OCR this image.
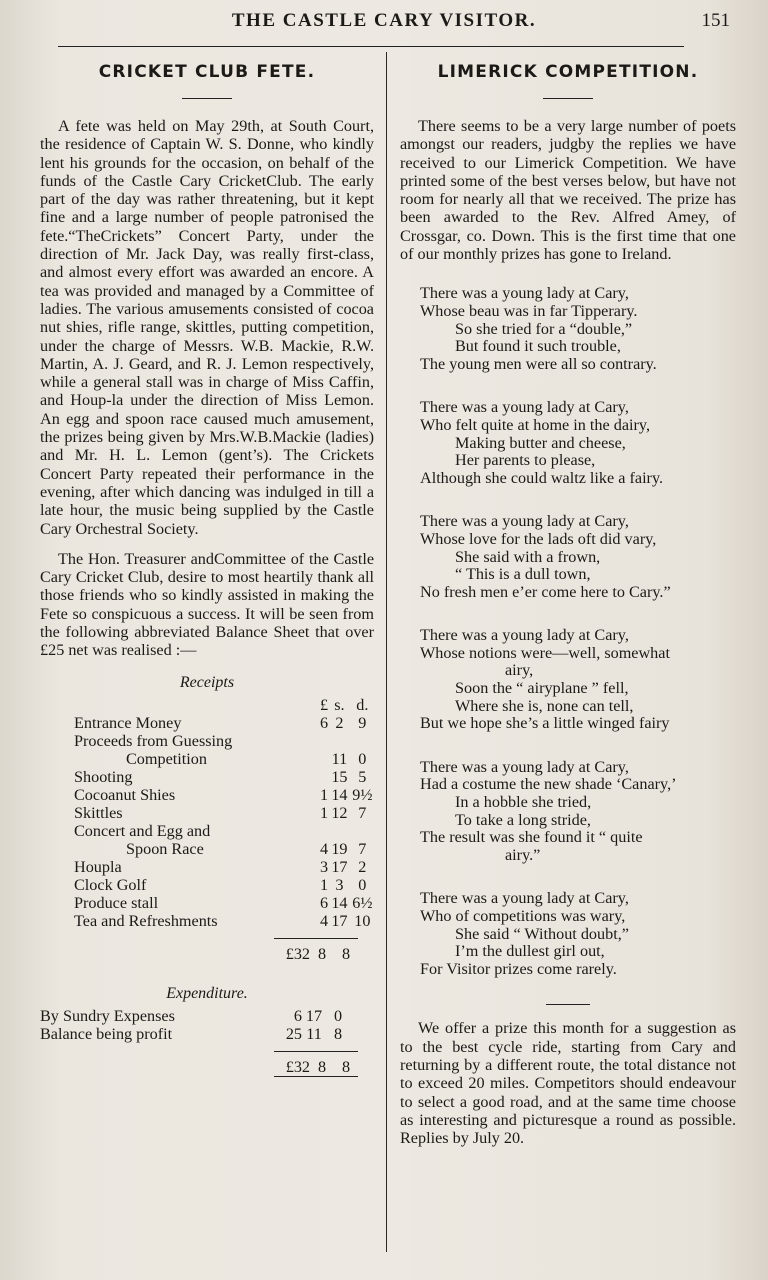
THE CASTLE CARY VISITOR.	151
CRICKET CLUB FETE.

A fete was held on May 29th, at South Court, the residence of Captain W. S. Donne, who kindly lent his grounds for the occasion, on behalf of the funds of the Castle Cary CricketClub. The early part of the day was rather threatening, but it kept fine and a large number of people patronised the fete.“TheCrickets” Concert Party, under the direction of Mr. Jack Day, was really first-class, and almost every effort was awarded an encore. A tea was provided and managed by a Committee of ladies. The various amusements consisted of cocoa nut shies, rifle range, skittles, putting competition, under the charge of Messrs. W.B. Mackie, R.W. Martin, A. J. Geard, and R. J. Lemon respectively, while a general stall was in charge of Miss Caffin, and Houp-la under the direction of Miss Lemon. An egg and spoon race caused much amusement, the prizes being given by Mrs.W.B.Mackie (ladies) and Mr. H. L. Lemon (gent’s). The Crickets Concert Party repeated their performance in the evening, after which dancing was indulged in till a late hour, the music being supplied by the Castle Cary Orchestral Society.

The Hon. Treasurer andCommittee of the Castle Cary Cricket Club, desire to most heartily thank all those friends who so kindly assisted in making the Fete so conspicuous a success. It will be seen from the following abbreviated Balance Sheet that over £25 net was realised :—

Receipts
	£	s.	d.
Entrance Money	6	2	9
Proceeds from Guessing			
Competition		11	0
Shooting		15	5
Cocoanut Shies	1	14	9½
Skittles	1	12	7
Concert and Egg and			
Spoon Race	4	19	7
Houpla	3	17	2
Clock Golf	1	3	0
Produce stall	6	14	6½
Tea and Refreshments	4	17	10
£32	8	8
Expenditure.
By Sundry Expenses	6	17	0
Balance being profit	25	11	8
£32	8	8
LIMERICK COMPETITION.

There seems to be a very large number of poets amongst our readers, judgby the replies we have received to our Limerick Competition. We have printed some of the best verses below, but have not room for nearly all that we received. The prize has been awarded to the Rev. Alfred Amey, of Crossgar, co. Down. This is the first time that one of our monthly prizes has gone to Ireland.

There was a young lady at Cary,
Whose beau was in far Tipperary.
So she tried for a “double,”
But found it such trouble,
The young men were all so contrary.
There was a young lady at Cary,
Who felt quite at home in the dairy,
Making butter and cheese,
Her parents to please,
Although she could waltz like a fairy.
There was a young lady at Cary,
Whose love for the lads oft did vary,
She said with a frown,
“ This is a dull town,
No fresh men e’er come here to Cary.”
There was a young lady at Cary,
Whose notions were—well, somewhat
airy,
Soon the “ airyplane ” fell,
Where she is, none can tell,
But we hope she’s a little winged fairy
There was a young lady at Cary,
Had a costume the new shade ‘Canary,’
In a hobble she tried,
To take a long stride,
The result was she found it “ quite
airy.”
There was a young lady at Cary,
Who of competitions was wary,
She said “ Without doubt,”
I’m the dullest girl out,
For Visitor prizes come rarely.

We offer a prize this month for a suggestion as to the best cycle ride, starting from Cary and returning by a different route, the total distance not to exceed 20 miles. Competitors should endeavour to select a good road, and at the same time choose as interesting and picturesque a round as possible. Replies by July 20.
